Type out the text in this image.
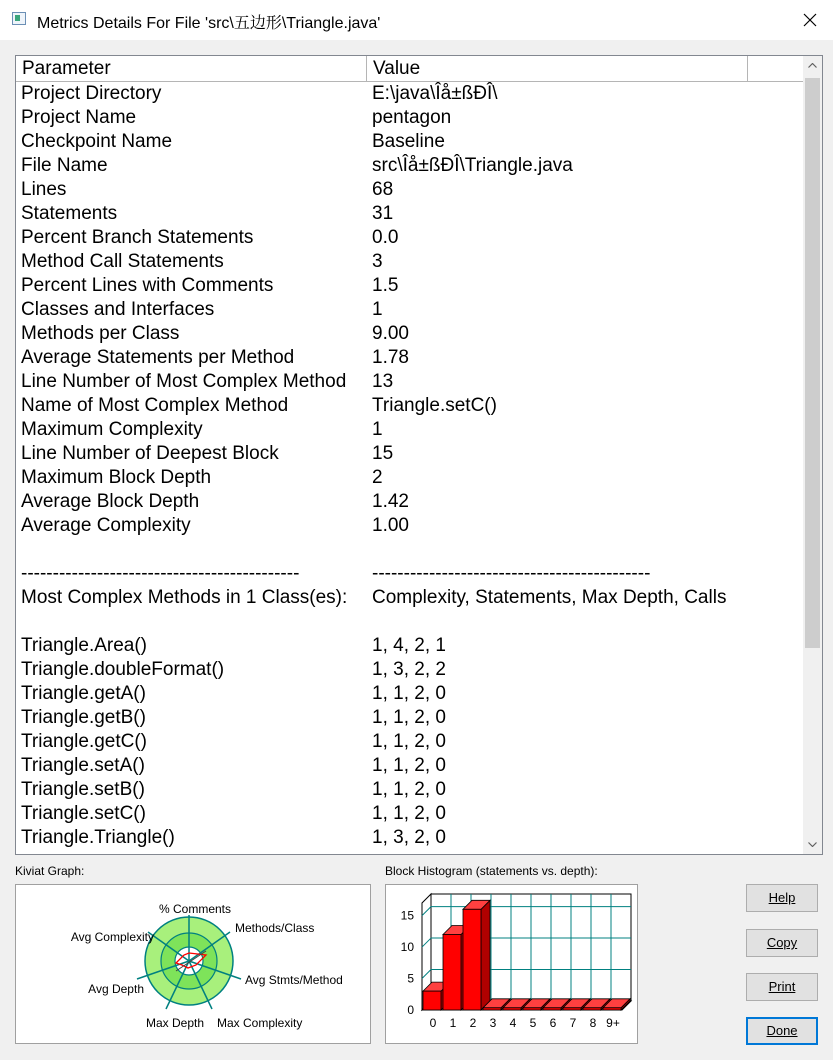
Metrics Details For File 'src\五边形\Triangle.java'
Parameter	Value
Project Directory	E:\java\Îå±ßÐÎ\
Project Name	pentagon
Checkpoint Name	Baseline
File Name	src\Îå±ßÐÎ\Triangle.java
Lines	68
Statements	31
Percent Branch Statements	0.0
Method Call Statements	3
Percent Lines with Comments	1.5
Classes and Interfaces	1
Methods per Class	9.00
Average Statements per Method	1.78
Line Number of Most Complex Method 13
Name of Most Complex Method	Triangle.setC()
Maximum Complexity	1
Line Number of Deepest Block	15
Maximum Block Depth	2
Average Block Depth	1.42
Average Complexity	1.00
--------------------------------------------	--------------------------------------------
Most Complex Methods in 1 Class(es): Complexity, Statements, Max Depth, Calls
Triangle.Area()	1, 4, 2, 1
Triangle.doubleFormat()	1, 3, 2, 2
Triangle.getA()	1, 1, 2, 0
Triangle.getB()	1, 1, 2, 0
Triangle.getC()	1, 1, 2, 0
Triangle.setA()	1, 1, 2, 0
Triangle.setB()	1, 1, 2, 0
Triangle.setC()	1, 1, 2, 0
Triangle.Triangle()	1, 3, 2, 0
Kiviat Graph:	Block Histogram (statements vs. depth):
% Comments
Methods/Class
Avg Stmts/Method
Max Complexity
Max Depth
Avg Depth
Avg Complexity
15
10
5
0
0 1 2 3 4 5 6 7 8 9+
Help
Copy
Print
Done
